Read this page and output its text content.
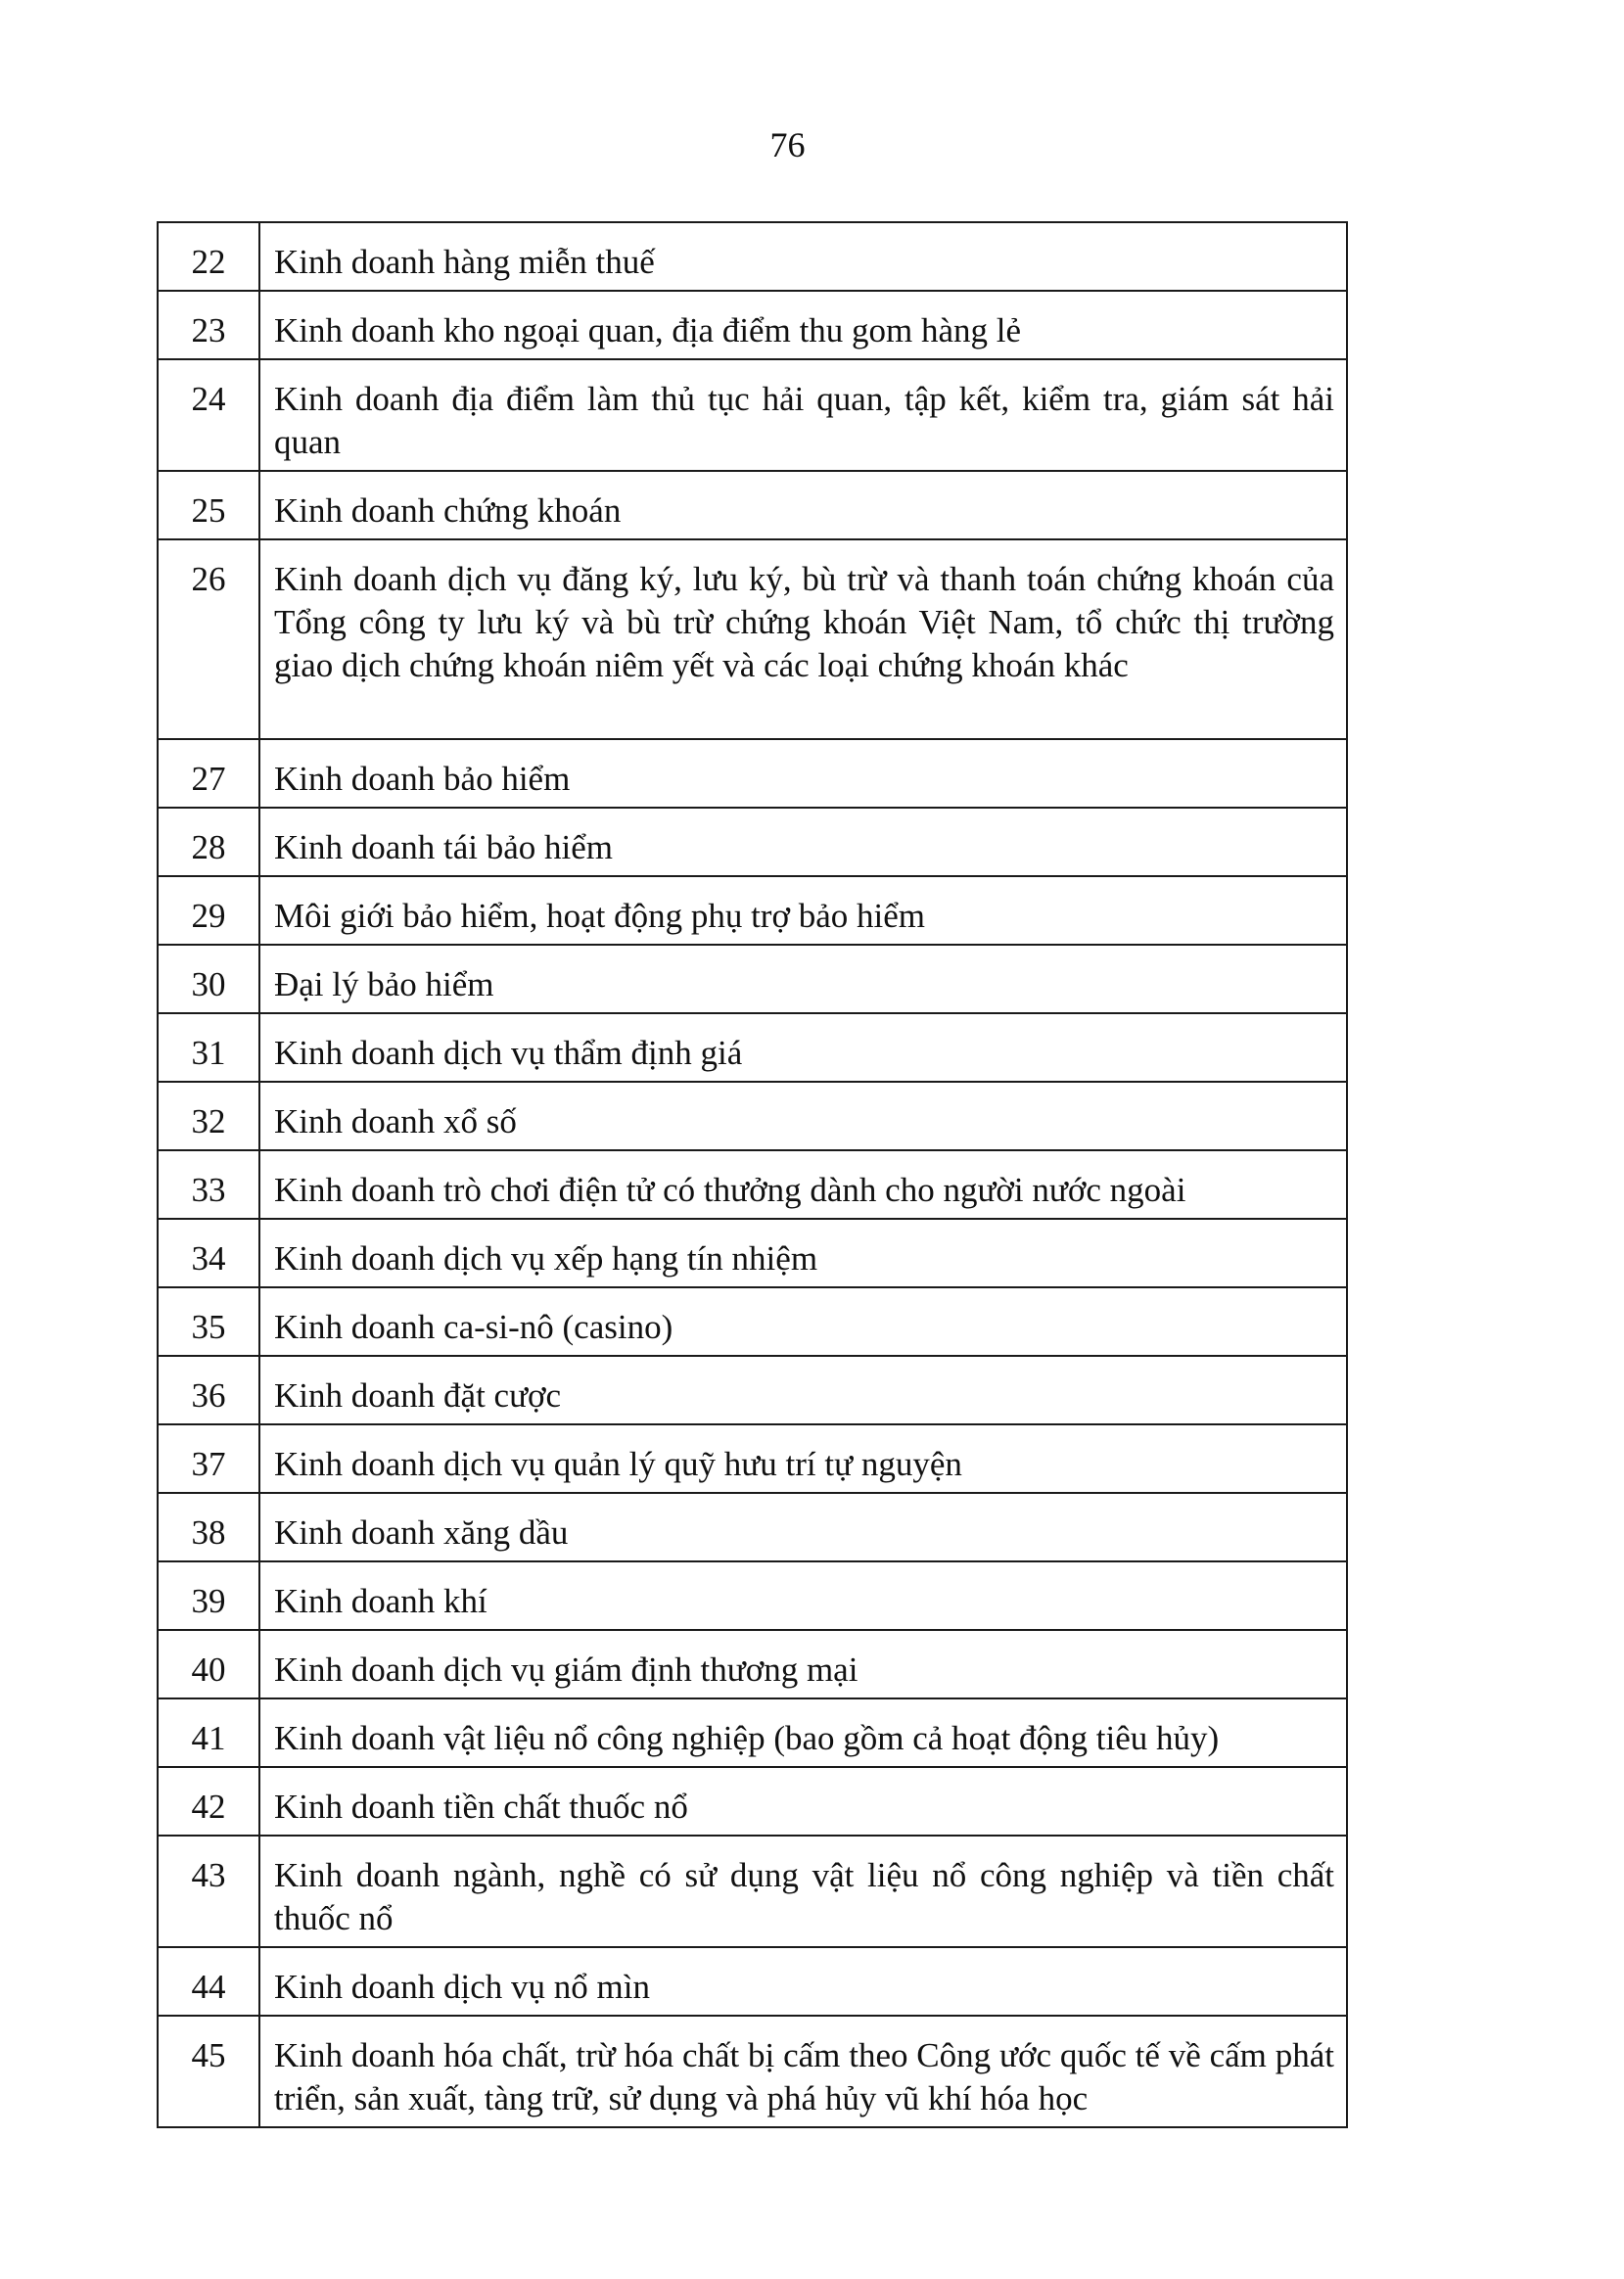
76
22	Kinh doanh hàng miễn thuế
23	Kinh doanh kho ngoại quan, địa điểm thu gom hàng lẻ
24	Kinh doanh địa điểm làm thủ tục hải quan, tập kết, kiểm tra, giám sát hải quan
25	Kinh doanh chứng khoán
26	Kinh doanh dịch vụ đăng ký, lưu ký, bù trừ và thanh toán chứng khoán của Tổng công ty lưu ký và bù trừ chứng khoán Việt Nam, tổ chức thị trường giao dịch chứng khoán niêm yết và các loại chứng khoán khác
27	Kinh doanh bảo hiểm
28	Kinh doanh tái bảo hiểm
29	Môi giới bảo hiểm, hoạt động phụ trợ bảo hiểm
30	Đại lý bảo hiểm
31	Kinh doanh dịch vụ thẩm định giá
32	Kinh doanh xổ số
33	Kinh doanh trò chơi điện tử có thưởng dành cho người nước ngoài
34	Kinh doanh dịch vụ xếp hạng tín nhiệm
35	Kinh doanh ca-si-nô (casino)
36	Kinh doanh đặt cược
37	Kinh doanh dịch vụ quản lý quỹ hưu trí tự nguyện
38	Kinh doanh xăng dầu
39	Kinh doanh khí
40	Kinh doanh dịch vụ giám định thương mại
41	Kinh doanh vật liệu nổ công nghiệp (bao gồm cả hoạt động tiêu hủy)
42	Kinh doanh tiền chất thuốc nổ
43	Kinh doanh ngành, nghề có sử dụng vật liệu nổ công nghiệp và tiền chất thuốc nổ
44	Kinh doanh dịch vụ nổ mìn
45	Kinh doanh hóa chất, trừ hóa chất bị cấm theo Công ước quốc tế về cấm phát triển, sản xuất, tàng trữ, sử dụng và phá hủy vũ khí hóa học
